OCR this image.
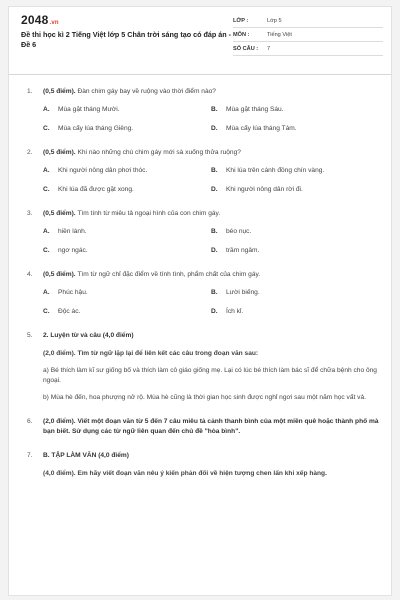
2048.vn
Đề thi học kì 2 Tiếng Việt lớp 5 Chân trời sáng tạo có đáp án - Đề 6
LỚP :	Lớp 5
MÔN :	Tiếng Việt
SỐ CÂU :	7
1.	(0,5 điểm). Đàn chim gáy bay về ruộng vào thời điểm nào?
A.	Mùa gặt tháng Mười.	B.	Mùa gặt tháng Sáu.
C.	Mùa cấy lúa tháng Giêng.	D.	Mùa cấy lúa tháng Tám.
2.	(0,5 điểm). Khi nào những chú chim gáy mới sà xuống thửa ruộng?
A.	Khi người nông dân phơi thóc.	B.	Khi lúa trên cánh đồng chín vàng.
C.	Khi lúa đã được gặt xong.	D.	Khi người nông dân rời đi.
3.	(0,5 điểm). Tìm tính từ miêu tả ngoại hình của con chim gáy.
A.	hiền lành.	B.	béo nục.
C.	ngơ ngác.	D.	trầm ngâm.
4.	(0,5 điểm). Tìm từ ngữ chỉ đặc điểm về tính tình, phẩm chất của chim gáy.
A.	Phúc hậu.	B.	Lười biếng.
C.	Độc ác.	D.	Ích kỉ.
5.	2. Luyện từ và câu (4,0 điểm)

(2,0 điểm). Tìm từ ngữ lặp lại để liên kết các câu trong đoạn văn sau:

a) Bé thích làm kĩ sư giống bố và thích làm cô giáo giống mẹ. Lại có lúc bé thích làm bác sĩ để chữa bệnh cho ông ngoại.

b) Mùa hè đến, hoa phượng nở rộ. Mùa hè cũng là thời gian học sinh được nghỉ ngơi sau một năm học vất vả.

6.	(2,0 điểm). Viết một đoạn văn từ 5 đến 7 câu miêu tả cảnh thanh bình của một miền quê hoặc thành phố mà bạn biết. Sử dụng các từ ngữ liên quan đến chủ đề "hòa bình".
7.	B. TẬP LÀM VĂN (4,0 điểm)

(4,0 điểm). Em hãy viết đoạn văn nêu ý kiến phản đối về hiện tượng chen lấn khi xếp hàng.
